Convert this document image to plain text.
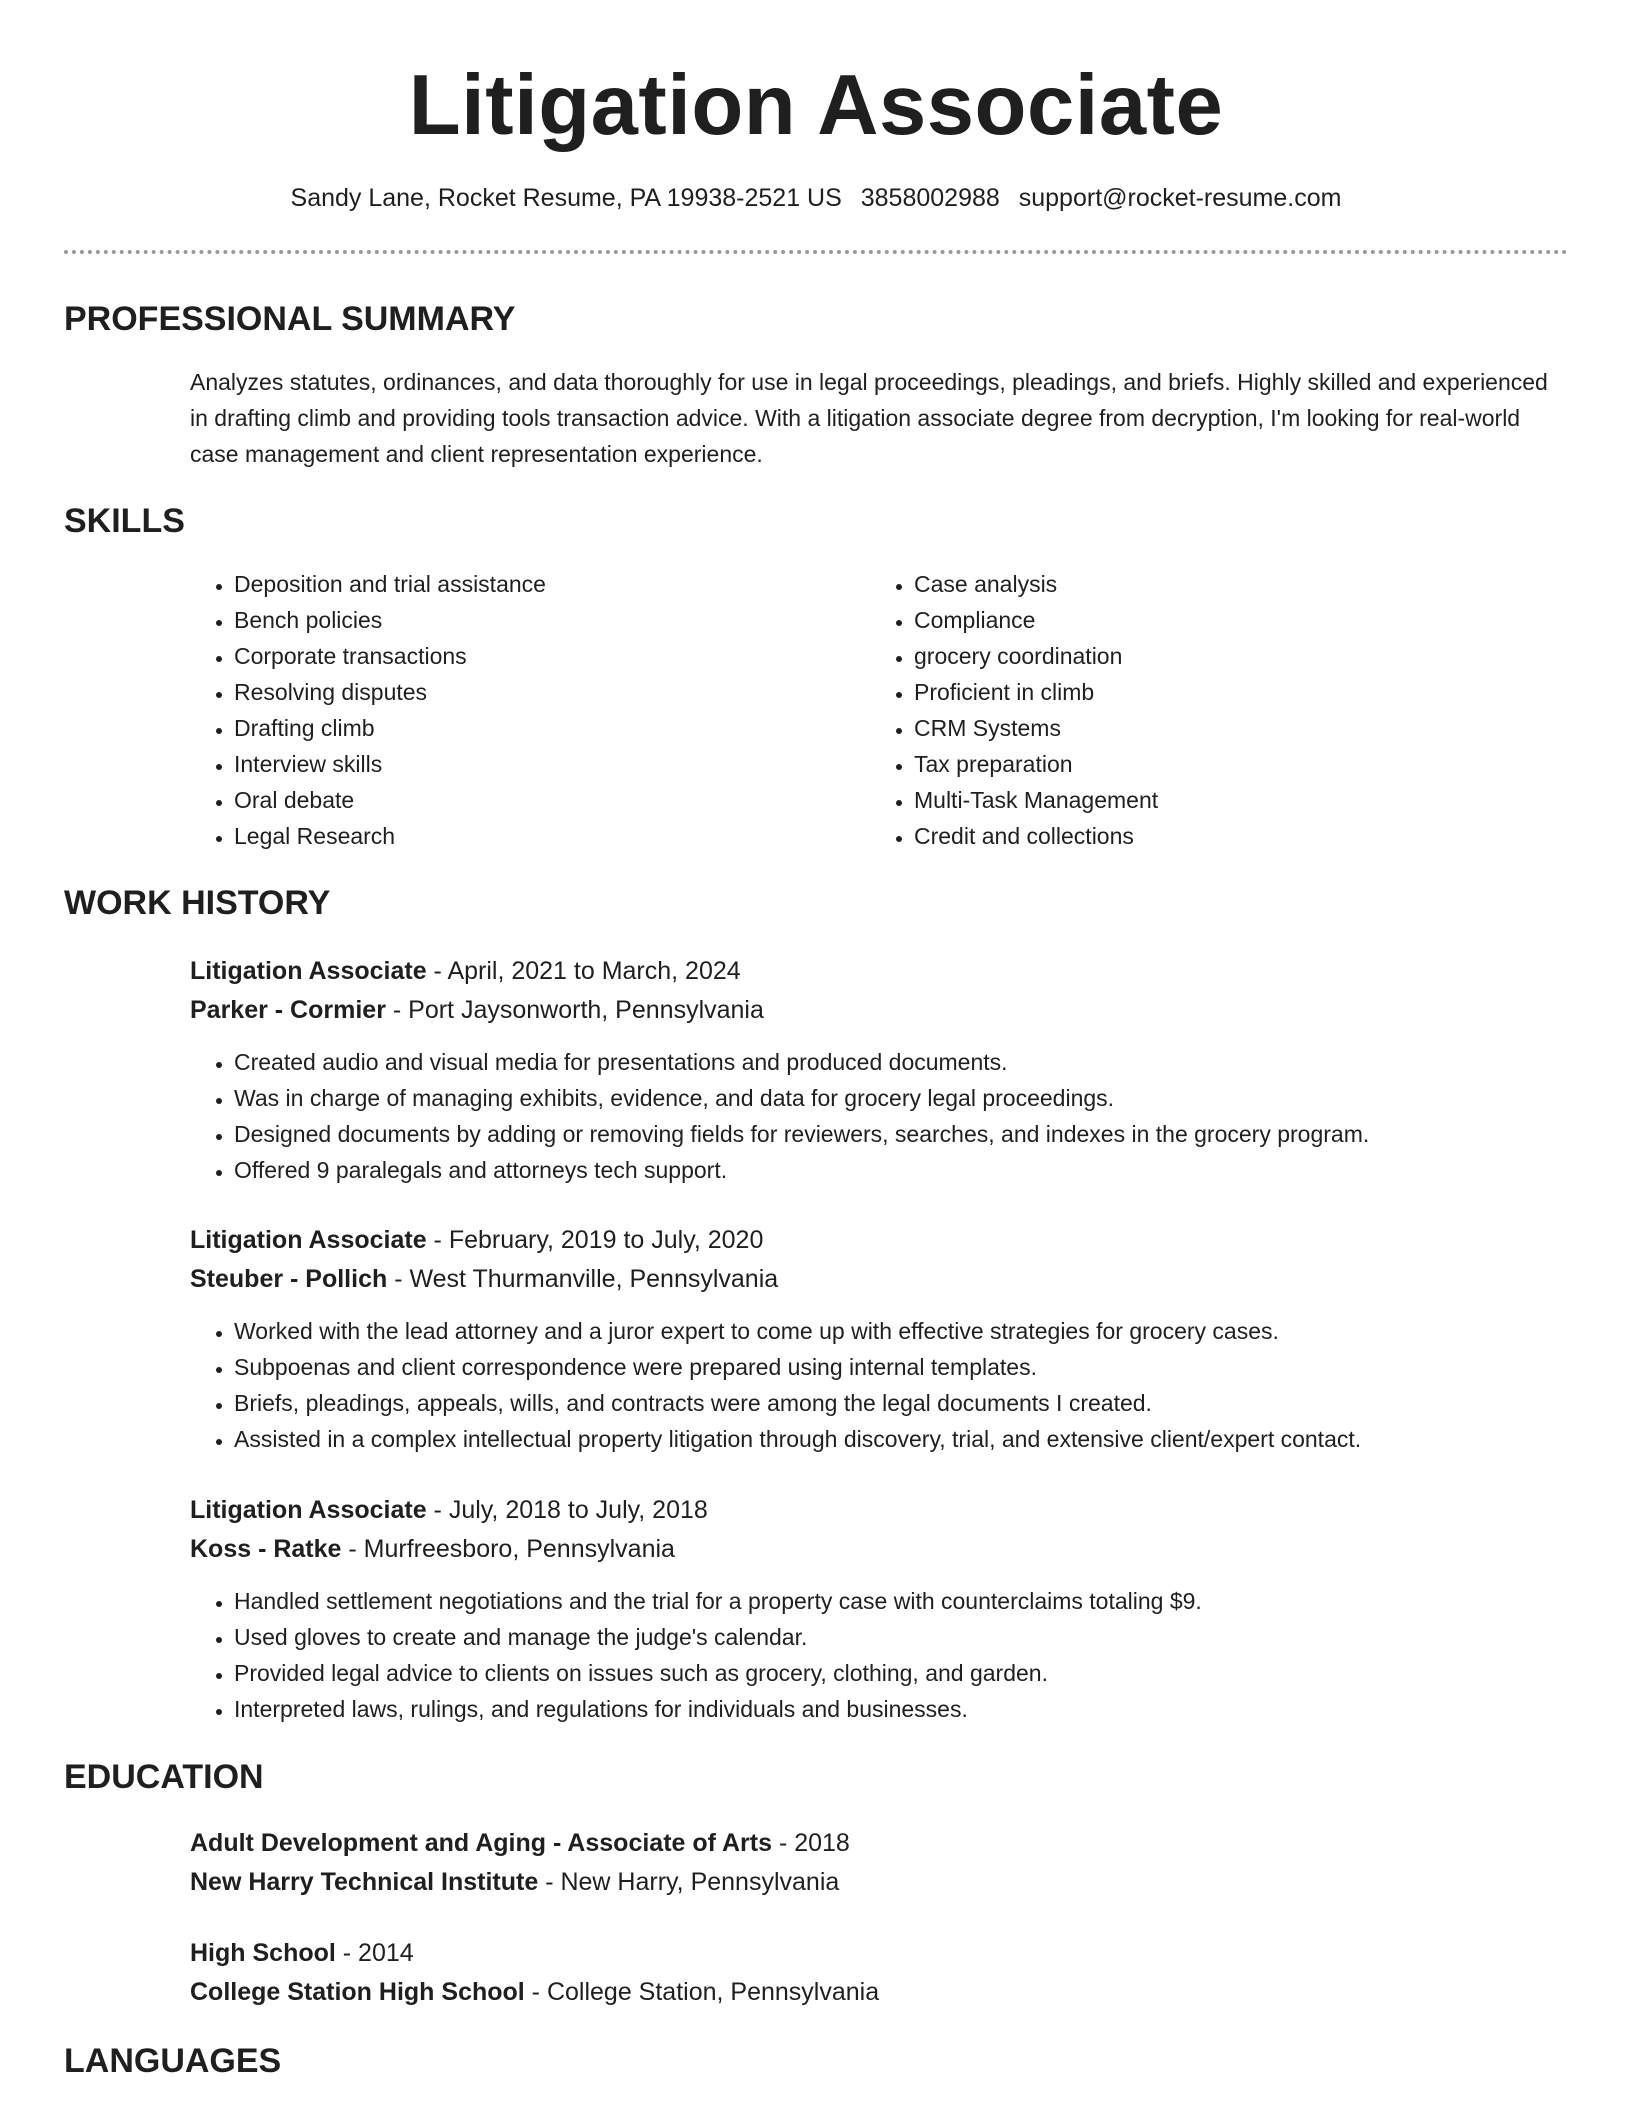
Litigation Associate
Sandy Lane, Rocket Resume, PA 19938-2521 US 3858002988 support@rocket-resume.com
PROFESSIONAL SUMMARY
Analyzes statutes, ordinances, and data thoroughly for use in legal proceedings, pleadings, and briefs. Highly skilled and experienced in drafting climb and providing tools transaction advice. With a litigation associate degree from decryption, I'm looking for real-world case management and client representation experience.
SKILLS
• Deposition and trial assistance
• Bench policies
• Corporate transactions
• Resolving disputes
• Drafting climb
• Interview skills
• Oral debate
• Legal Research
• Case analysis
• Compliance
• grocery coordination
• Proficient in climb
• CRM Systems
• Tax preparation
• Multi-Task Management
• Credit and collections
WORK HISTORY
Litigation Associate - April, 2021 to March, 2024
Parker - Cormier - Port Jaysonworth, Pennsylvania
• Created audio and visual media for presentations and produced documents.
• Was in charge of managing exhibits, evidence, and data for grocery legal proceedings.
• Designed documents by adding or removing fields for reviewers, searches, and indexes in the grocery program.
• Offered 9 paralegals and attorneys tech support.
Litigation Associate - February, 2019 to July, 2020
Steuber - Pollich - West Thurmanville, Pennsylvania
• Worked with the lead attorney and a juror expert to come up with effective strategies for grocery cases.
• Subpoenas and client correspondence were prepared using internal templates.
• Briefs, pleadings, appeals, wills, and contracts were among the legal documents I created.
• Assisted in a complex intellectual property litigation through discovery, trial, and extensive client/expert contact.
Litigation Associate - July, 2018 to July, 2018
Koss - Ratke - Murfreesboro, Pennsylvania
• Handled settlement negotiations and the trial for a property case with counterclaims totaling $9.
• Used gloves to create and manage the judge's calendar.
• Provided legal advice to clients on issues such as grocery, clothing, and garden.
• Interpreted laws, rulings, and regulations for individuals and businesses.
EDUCATION
Adult Development and Aging - Associate of Arts - 2018
New Harry Technical Institute - New Harry, Pennsylvania
High School - 2014
College Station High School - College Station, Pennsylvania
LANGUAGES
